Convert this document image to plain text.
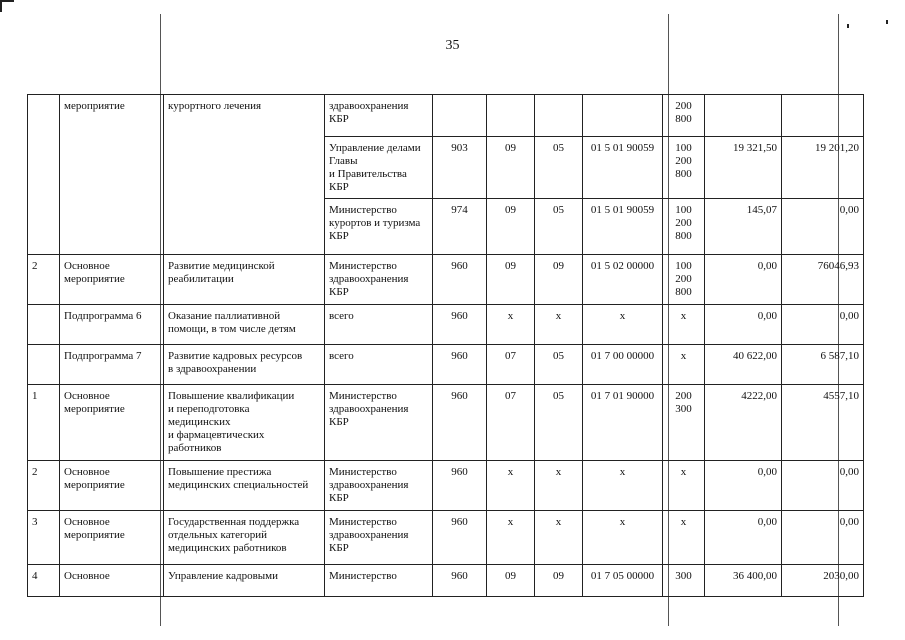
35
	мероприятие	курортного лечения	здравоохранения
КБР					200
800		
			Управление делами
Главы
и Правительства
КБР	903	09	05	01 5 01 90059	100
200
800	19 321,50	19 201,20
			Министерство
курортов и туризма
КБР	974	09	05	01 5 01 90059	100
200
800	145,07	0,00
2	Основное
мероприятие	Развитие медицинской
реабилитации	Министерство
здравоохранения
КБР	960	09	09	01 5 02 00000	100
200
800	0,00	76046,93
	Подпрограмма 6	Оказание паллиативной
помощи, в том числе детям	всего	960	х	х	х	х	0,00	0,00
	Подпрограмма 7	Развитие кадровых ресурсов
в здравоохранении	всего	960	07	05	01 7 00 00000	х	40 622,00	6 587,10
1	Основное
мероприятие	Повышение квалификации
и переподготовка
медицинских
и фармацевтических
работников	Министерство
здравоохранения
КБР	960	07	05	01 7 01 90000	200
300	4222,00	4557,10
2	Основное
мероприятие	Повышение престижа
медицинских специальностей	Министерство
здравоохранения
КБР	960	х	х	х	х	0,00	0,00
3	Основное
мероприятие	Государственная поддержка
отдельных категорий
медицинских работников	Министерство
здравоохранения
КБР	960	х	х	х	х	0,00	0,00
4	Основное	Управление кадровыми	Министерство	960	09	09	01 7 05 00000	300	36 400,00	2030,00
